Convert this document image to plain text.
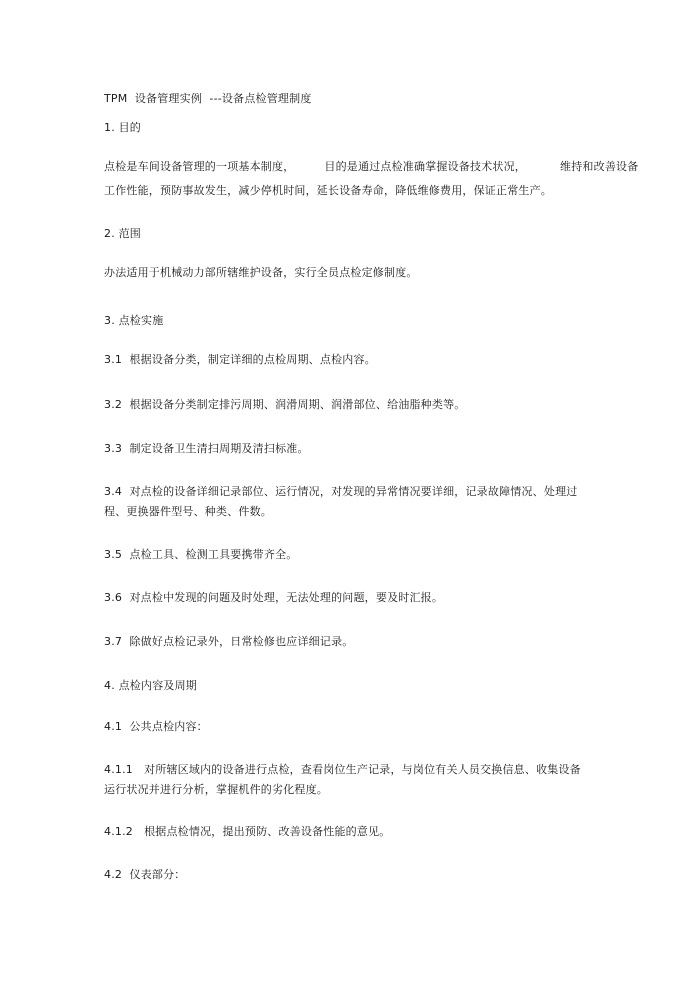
TPM  设备管理实例  ---设备点检管理制度
1. 目的
点检是车间设备管理的一项基本制度，	目的是通过点检准确掌握设备技术状况，	维持和改善设备
工作性能，预防事故发生，减少停机时间，延长设备寿命，降低维修费用，保证正常生产。
2. 范围
办法适用于机械动力部所辖维护设备，实行全员点检定修制度。
3. 点检实施
3.1  根据设备分类，制定详细的点检周期、点检内容。
3.2  根据设备分类制定排污周期、润滑周期、润滑部位、给油脂种类等。
3.3  制定设备卫生清扫周期及清扫标准。
3.4  对点检的设备详细记录部位、运行情况，对发现的异常情况要详细，记录故障情况、处理过
程、更换器件型号、种类、件数。
3.5  点检工具、检测工具要携带齐全。
3.6  对点检中发现的问题及时处理，无法处理的问题，要及时汇报。
3.7  除做好点检记录外，日常检修也应详细记录。
4. 点检内容及周期
4.1  公共点检内容：
4.1.1   对所辖区域内的设备进行点检，查看岗位生产记录，与岗位有关人员交换信息、收集设备
运行状况并进行分析，掌握机件的劣化程度。
4.1.2   根据点检情况，提出预防、改善设备性能的意见。
4.2  仪表部分：
